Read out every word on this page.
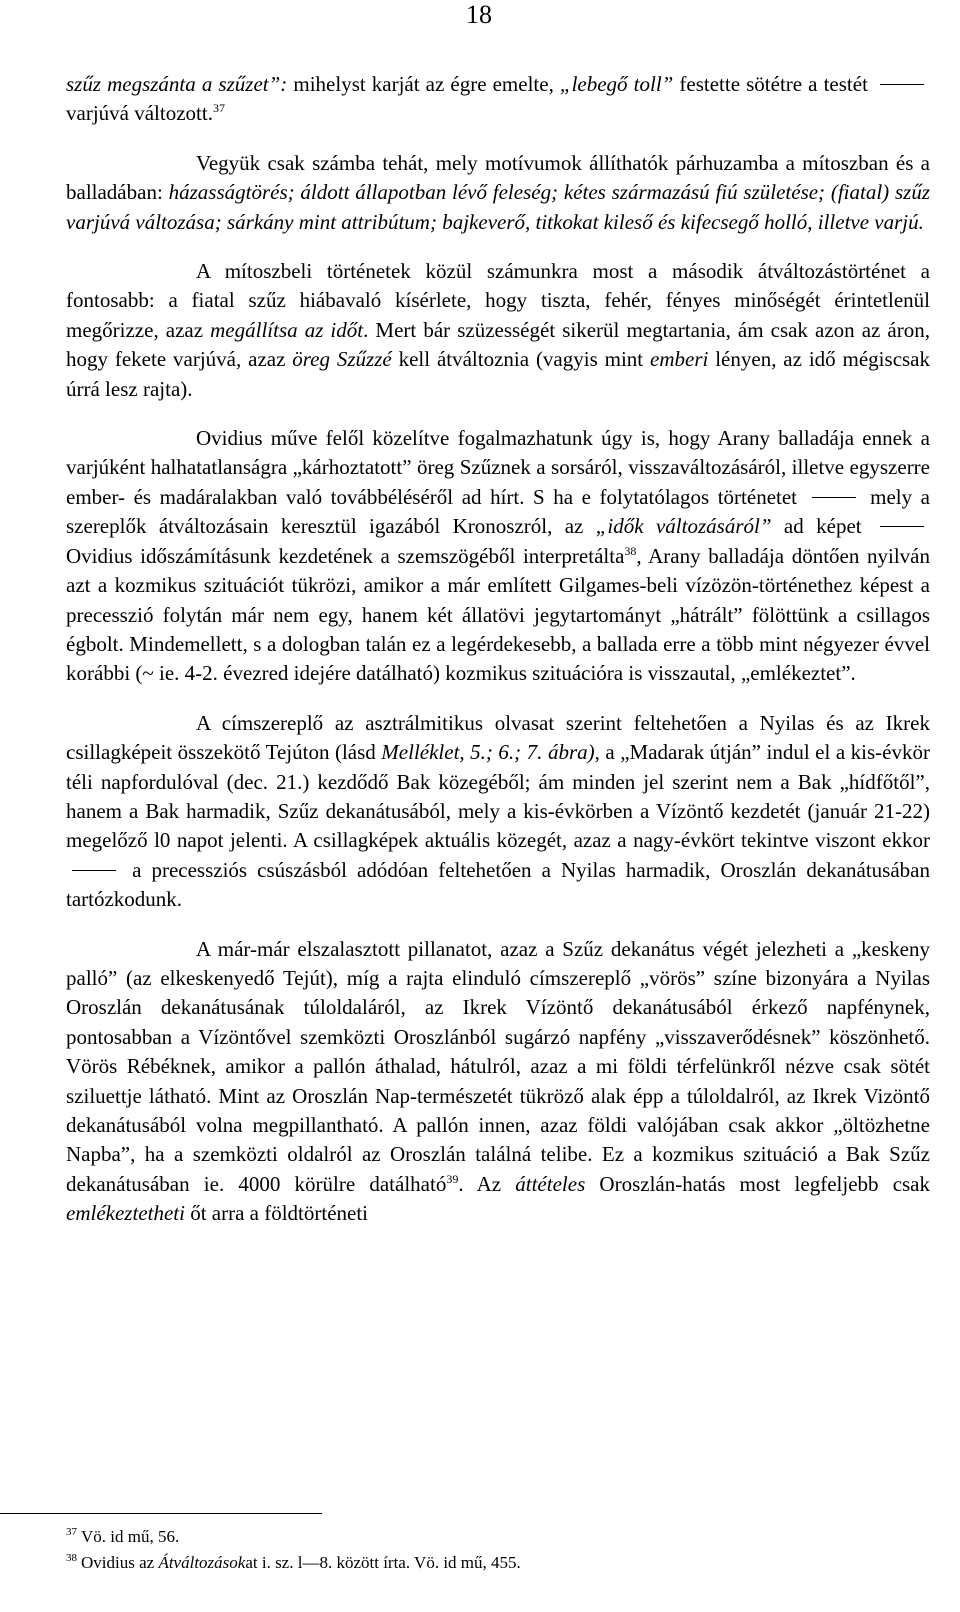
18

szűz megszánta a szűzet”: mihelyst karját az égre emelte, „lebegő toll” festette sötétre a testét  varjúvá változott.$^{37}$

Vegyük csak számba tehát, mely motívumok állíthatók párhuzamba a mítoszban és a balladában: házasságtörés; áldott állapotban lévő feleség; kétes származású fiú születése; (fiatal) szűz varjúvá változása; sárkány mint attribútum; bajkeverő, titkokat kileső és kifecsegő holló, illetve varjú.

A mítoszbeli történetek közül számunkra most a második átváltozástörténet a fontosabb: a fiatal szűz hiábavaló kísérlete, hogy tiszta, fehér, fényes minőségét érintetlenül megőrizze, azaz megállítsa az időt. Mert bár szüzességét sikerül megtartania, ám csak azon az áron, hogy fekete varjúvá, azaz öreg Szűzzé kell átváltoznia (vagyis mint emberi lényen, az idő mégiscsak úrrá lesz rajta).

Ovidius műve felől közelítve fogalmazhatunk úgy is, hogy Arany balladája ennek a varjúként halhatatlanságra „kárhoztatott” öreg Szűznek a sorsáról, visszaváltozásáról, illetve egyszerre ember- és madáralakban való továbbéléséről ad hírt. S ha e folytatólagos történetet	mely a szereplők átváltozásain keresztül igazából Kronoszról, az „idők változásáról” ad képet  Ovidius időszámításunk kezdetének a szemszögéből interpretálta$^{38}$, Arany balladája döntően nyilván azt a kozmikus szituációt tükrözi, amikor a már említett Gilgames-beli vízözön-történethez képest a precesszió folytán már nem egy, hanem két állatövi jegytartományt „hátrált” fölöttünk a csillagos égbolt. Mindemellett, s a dologban talán ez a legérdekesebb, a ballada erre a több mint négyezer évvel korábbi (~ ie. 4-2. évezred idejére datálható) kozmikus szituációra is visszautal, „emlékeztet”.

A címszereplő az asztrálmitikus olvasat szerint feltehetően a Nyilas és az Ikrek csillagképeit összekötő Tejúton (lásd Melléklet, 5.; 6.; 7. ábra), a „Madarak útján” indul el a kis-évkör téli napfordulóval (dec. 21.) kezdődő Bak közegéből; ám minden jel szerint nem a Bak „hídfőtől”, hanem a Bak harmadik, Szűz dekanátusából, mely a kis-évkörben a Vízöntő kezdetét (január 21-22) megelőző l0 napot jelenti. A csillagképek aktuális közegét, azaz a nagy-évkört tekintve viszont ekkor  a precessziós csúszásból adódóan feltehetően a Nyilas harmadik, Oroszlán dekanátusában tartózkodunk.

A már-már elszalasztott pillanatot, azaz a Szűz dekanátus végét jelezheti a „keskeny palló” (az elkeskenyedő Tejút), míg a rajta elinduló címszereplő „vörös” színe bizonyára a Nyilas Oroszlán dekanátusának túloldaláról, az Ikrek Vízöntő dekanátusából érkező napfénynek, pontosabban a Vízöntővel szemközti Oroszlánból sugárzó napfény „visszaverődésnek” köszönhető. Vörös Rébéknek, amikor a pallón áthalad, hátulról, azaz a mi földi térfelünkről nézve csak sötét sziluettje látható. Mint az Oroszlán Nap-természetét tükröző alak épp a túloldalról, az Ikrek Vizöntő dekanátusából volna megpillantható. A pallón innen, azaz földi valójában csak akkor „öltözhetne Napba”, ha a szemközti oldalról az Oroszlán találná telibe. Ez a kozmikus szituáció a Bak Szűz dekanátusában ie. 4000 körülre datálható$^{39}$. Az áttételes Oroszlán-hatás most legfeljebb csak emlékeztetheti őt arra a földtörténeti

$^{37}$ Vö. id mű, 56.
$^{38}$ Ovidius az Átváltozásokat i. sz. l—8. között írta. Vö. id mű, 455.
